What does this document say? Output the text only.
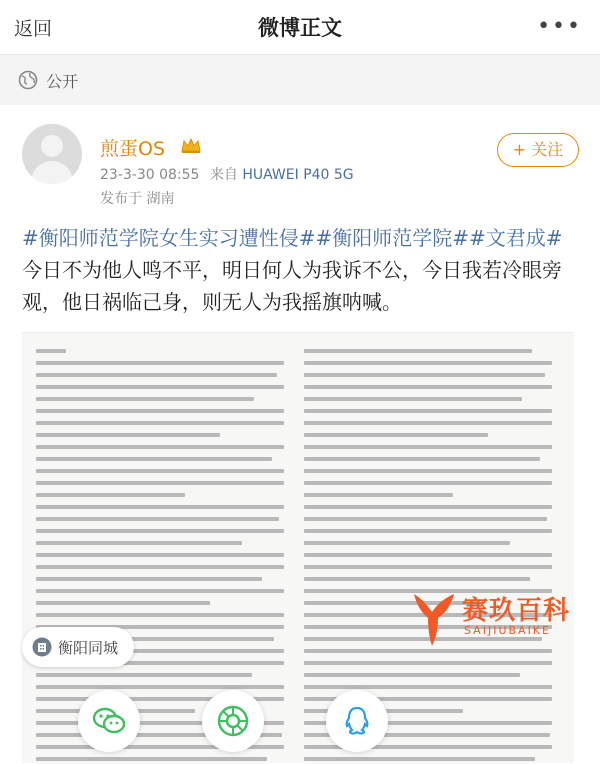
返回	微博正文	•••
公开
煎蛋OS
23-3-30 08:55 来自 HUAWEI P40 5G
发布于 湖南
+ 关注
#衡阳师范学院女生实习遭性侵##衡阳师范学院##文君成# 今日不为他人鸣不平，明日何人为我诉不公，今日我若冷眼旁观，他日祸临己身，则无人为我摇旗呐喊。
衡阳同城
赛玖百科
SAIJIUBAIKE
